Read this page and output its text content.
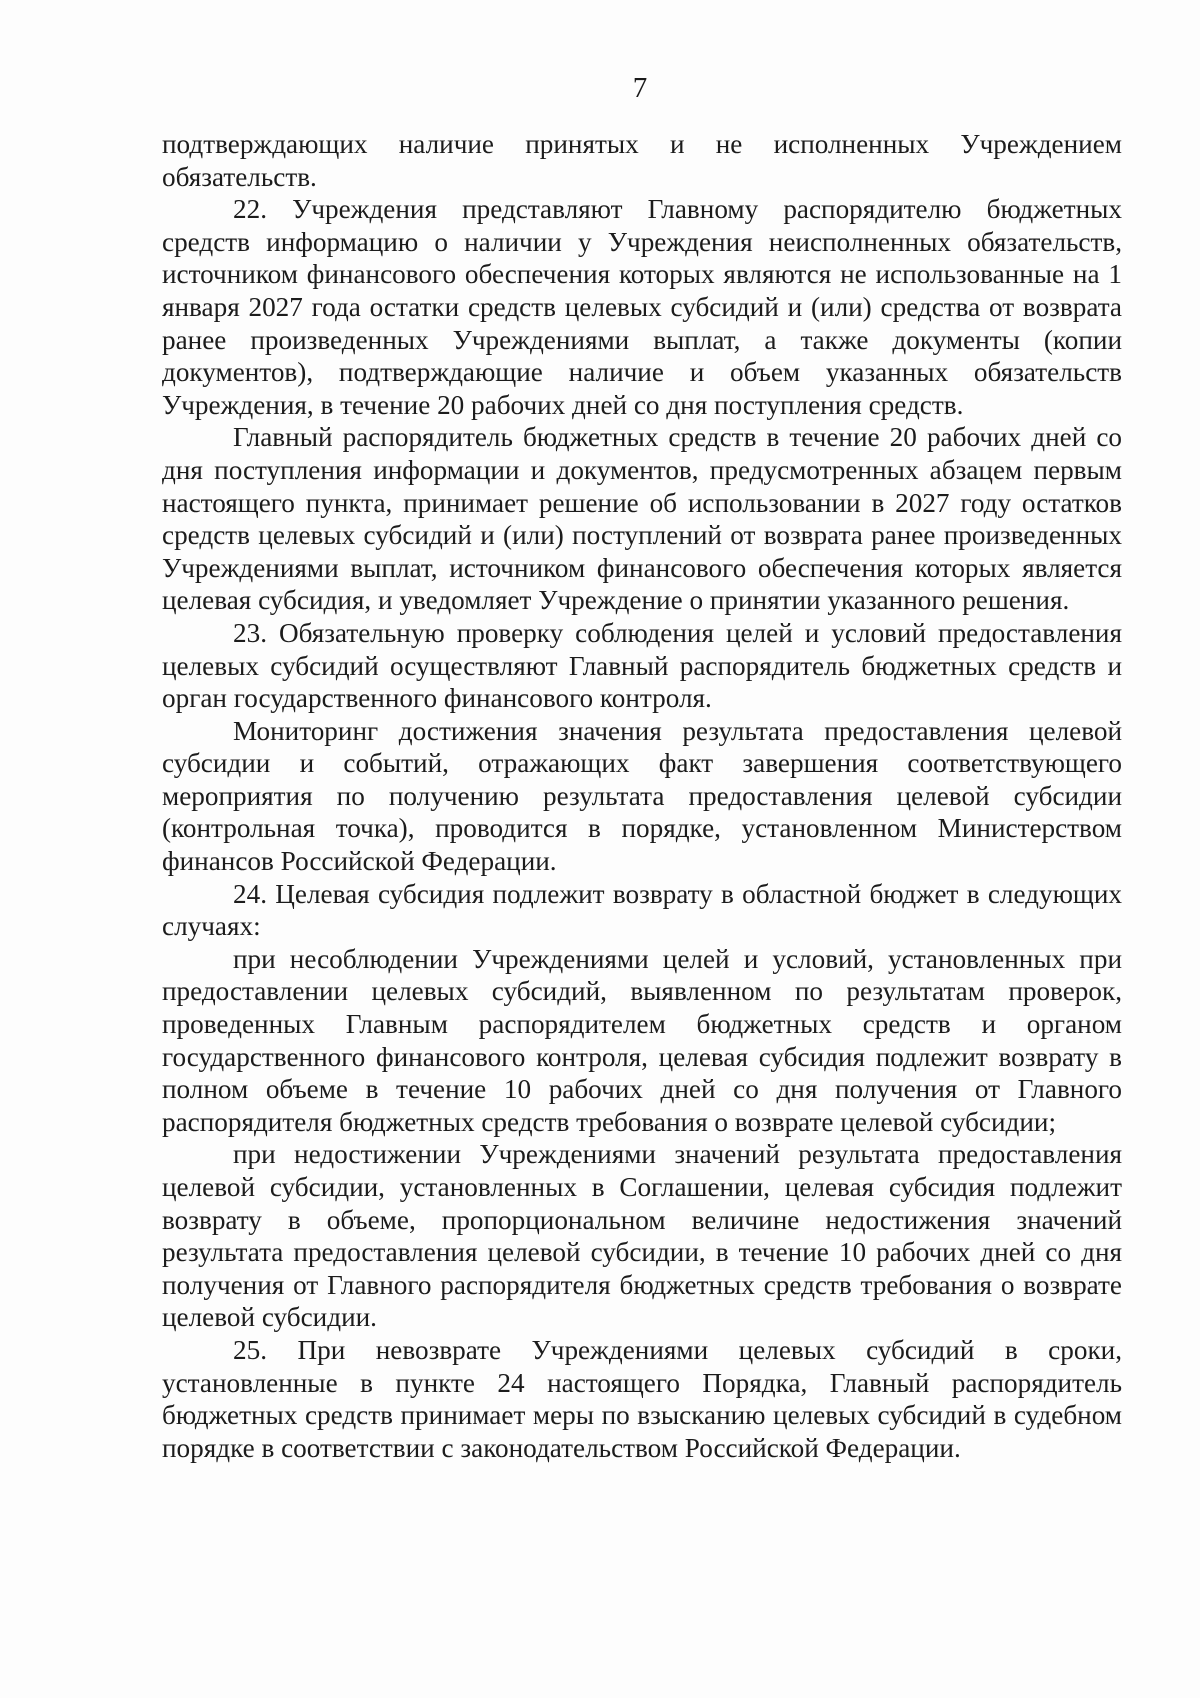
7

подтверждающих наличие принятых и не исполненных Учреждением обязательств.

22. Учреждения представляют Главному распорядителю бюджетных средств информацию о наличии у Учреждения неисполненных обязательств, источником финансового обеспечения которых являются не использованные на 1 января 2027 года остатки средств целевых субсидий и (или) средства от возврата ранее произведенных Учреждениями выплат, а также документы (копии документов), подтверждающие наличие и объем указанных обязательств Учреждения, в течение 20 рабочих дней со дня поступления средств.

Главный распорядитель бюджетных средств в течение 20 рабочих дней со дня поступления информации и документов, предусмотренных абзацем первым настоящего пункта, принимает решение об использовании в 2027 году остатков средств целевых субсидий и (или) поступлений от возврата ранее произведенных Учреждениями выплат, источником финансового обеспечения которых является целевая субсидия, и уведомляет Учреждение о принятии указанного решения.

23. Обязательную проверку соблюдения целей и условий предоставления целевых субсидий осуществляют Главный распорядитель бюджетных средств и орган государственного финансового контроля.

Мониторинг достижения значения результата предоставления целевой субсидии и событий, отражающих факт завершения соответствующего мероприятия по получению результата предоставления целевой субсидии (контрольная точка), проводится в порядке, установленном Министерством финансов Российской Федерации.

24. Целевая субсидия подлежит возврату в областной бюджет в следующих случаях:

при несоблюдении Учреждениями целей и условий, установленных при предоставлении целевых субсидий, выявленном по результатам проверок, проведенных Главным распорядителем бюджетных средств и органом государственного финансового контроля, целевая субсидия подлежит возврату в полном объеме в течение 10 рабочих дней со дня получения от Главного распорядителя бюджетных средств требования о возврате целевой субсидии;

при недостижении Учреждениями значений результата предоставления целевой субсидии, установленных в Соглашении, целевая субсидия подлежит возврату в объеме, пропорциональном величине недостижения значений результата предоставления целевой субсидии, в течение 10 рабочих дней со дня получения от Главного распорядителя бюджетных средств требования о возврате целевой субсидии.

25. При невозврате Учреждениями целевых субсидий в сроки, установленные в пункте 24 настоящего Порядка, Главный распорядитель бюджетных средств принимает меры по взысканию целевых субсидий в судебном порядке в соответствии с законодательством Российской Федерации.
